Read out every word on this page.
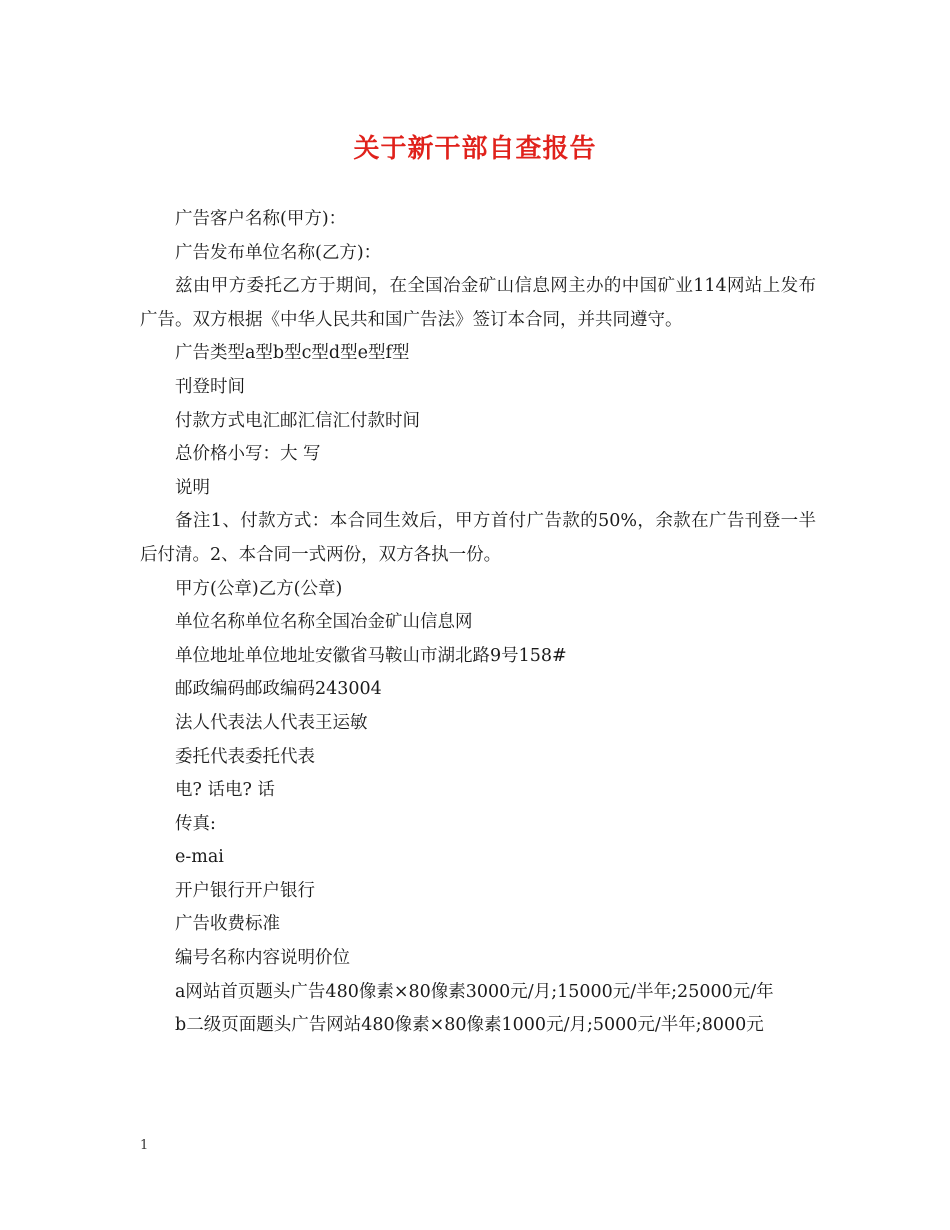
关于新干部自查报告

广告客户名称(甲方)：

广告发布单位名称(乙方)：

兹由甲方委托乙方于期间，在全国冶金矿山信息网主办的中国矿业114网站上发布广告。双方根据《中华人民共和国广告法》签订本合同，并共同遵守。

广告类型a型b型c型d型e型f型

刊登时间

付款方式电汇邮汇信汇付款时间

总价格小写：大 写

说明

备注1、付款方式：本合同生效后，甲方首付广告款的50%，余款在广告刊登一半后付清。2、本合同一式两份，双方各执一份。

甲方(公章)乙方(公章)

单位名称单位名称全国冶金矿山信息网

单位地址单位地址安徽省马鞍山市湖北路9号158#

邮政编码邮政编码243004

法人代表法人代表王运敏

委托代表委托代表

电? 话电? 话

传真:

e-mai

开户银行开户银行

广告收费标准

编号名称内容说明价位

a网站首页题头广告480像素×80像素3000元/月;15000元/半年;25000元/年

b二级页面题头广告网站480像素×80像素1000元/月;5000元/半年;8000元

1
